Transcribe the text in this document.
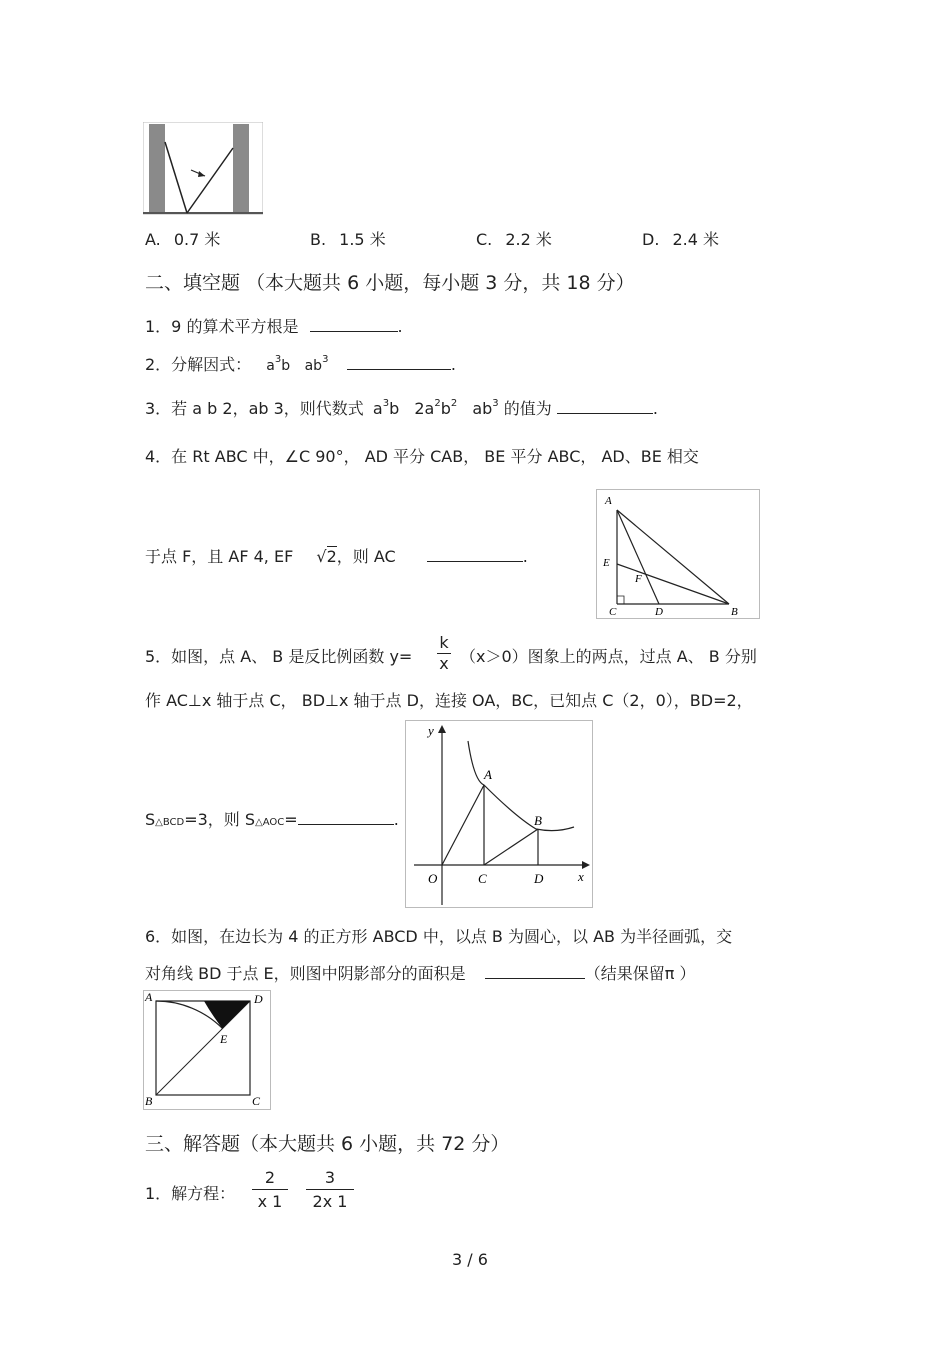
A. 0.7 米	B. 1.5 米	C. 2.2 米	D. 2.4 米
二、填空题 （本大题共 6 小题，每小题 3 分，共 18 分）
1．9 的算术平方根是	.
2．分解因式： $a^3b$ $ab^3$	.
3．若 a b 2，ab 3，则代数式 $a^3b$ $2a^2b^2$ $ab^3$ 的值为	.
4．在 Rt ABC 中，∠C 90°， AD 平分 CAB， BE 平分 ABC， AD、BE 相交
于点 F，且 AF 4, EF √2，则 AC	.
A
E
F
C	D	B
5．如图，点 A、 B 是反比例函数 $y= \frac{k}{x} (x>0)$图象上的两点，过点 A、 B 分别
作 AC⊥x 轴于点 C， BD⊥x 轴于点 D，连接 OA，BC，已知点 C（2，0），BD=2，
S△BCD=3，则 S△AOC=	.
y
x
O
A
B
C	D
6．如图，在边长为 4 的正方形 ABCD 中，以点 B 为圆心，以 AB 为半径画弧，交
对角线 BD 于点 E，则图中阴影部分的面积是	（结果保留π ）
A	D
E
B	C
三、解答题（本大题共 6 小题，共 72 分）
1．解方程： $\frac{2}{x 1} \frac{3}{2x 1}$
3 / 6
